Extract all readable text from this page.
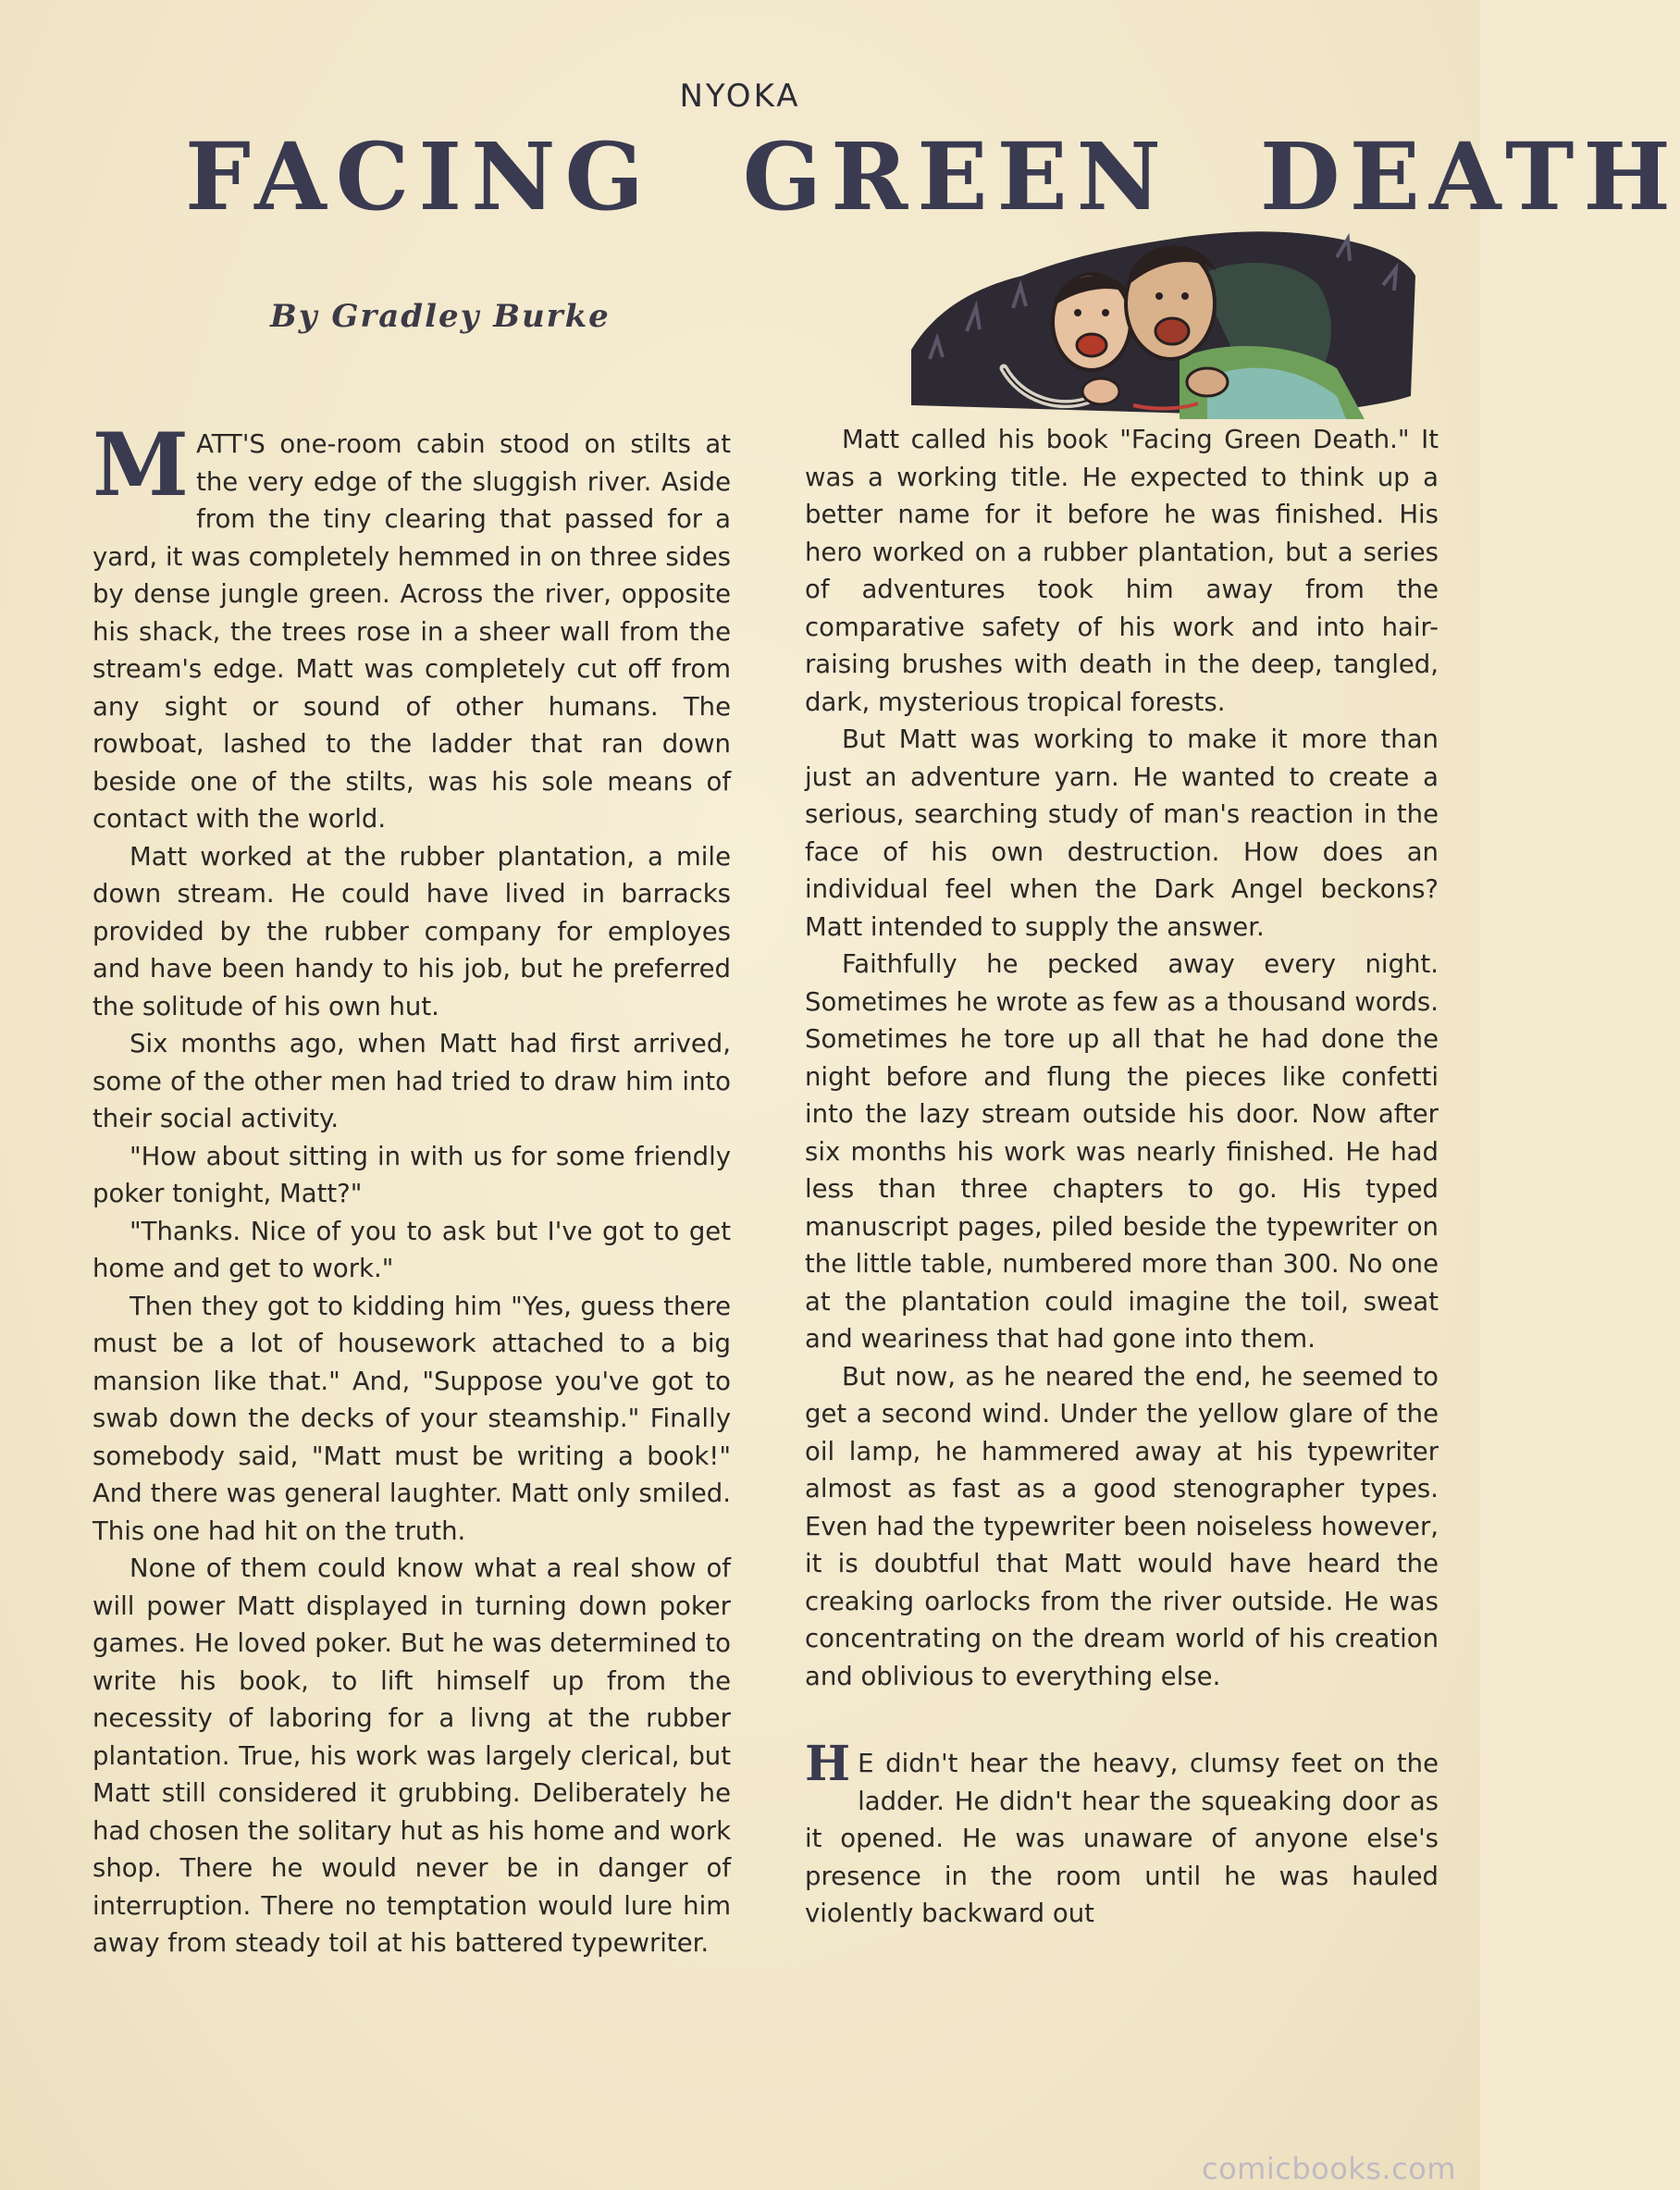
NYOKA
FACING GREEN DEATH
By Gradley Burke

MATT'S one-room cabin stood on stilts at the very edge of the sluggish river. Aside from the tiny clearing that passed for a yard, it was completely hemmed in on three sides by dense jungle green. Across the river, opposite his shack, the trees rose in a sheer wall from the stream's edge. Matt was completely cut off from any sight or sound of other humans. The rowboat, lashed to the ladder that ran down beside one of the stilts, was his sole means of contact with the world.

Matt worked at the rubber plantation, a mile down stream. He could have lived in barracks provided by the rubber company for employes and have been handy to his job, but he preferred the solitude of his own hut.

Six months ago, when Matt had first arrived, some of the other men had tried to draw him into their social activity.

"How about sitting in with us for some friendly poker tonight, Matt?"

"Thanks. Nice of you to ask but I've got to get home and get to work."

Then they got to kidding him "Yes, guess there must be a lot of housework attached to a big mansion like that." And, "Suppose you've got to swab down the decks of your steamship." Finally somebody said, "Matt must be writing a book!" And there was general laughter. Matt only smiled. This one had hit on the truth.

None of them could know what a real show of will power Matt displayed in turning down poker games. He loved poker. But he was determined to write his book, to lift himself up from the necessity of laboring for a livng at the rubber plantation. True, his work was largely clerical, but Matt still considered it grubbing. Deliberately he had chosen the solitary hut as his home and work shop. There he would never be in danger of interruption. There no temptation would lure him away from steady toil at his battered typewriter.

Matt called his book "Facing Green Death." It was a working title. He expected to think up a better name for it before he was finished. His hero worked on a rubber plantation, but a series of adventures took him away from the comparative safety of his work and into hair-raising brushes with death in the deep, tangled, dark, mysterious tropical forests.

But Matt was working to make it more than just an adventure yarn. He wanted to create a serious, searching study of man's reaction in the face of his own destruction. How does an individual feel when the Dark Angel beckons? Matt intended to supply the answer.

Faithfully he pecked away every night. Sometimes he wrote as few as a thousand words. Sometimes he tore up all that he had done the night before and flung the pieces like confetti into the lazy stream outside his door. Now after six months his work was nearly finished. He had less than three chapters to go. His typed manuscript pages, piled beside the typewriter on the little table, numbered more than 300. No one at the plantation could imagine the toil, sweat and weariness that had gone into them.

But now, as he neared the end, he seemed to get a second wind. Under the yellow glare of the oil lamp, he hammered away at his typewriter almost as fast as a good stenographer types. Even had the typewriter been noiseless however, it is doubtful that Matt would have heard the creaking oarlocks from the river outside. He was concentrating on the dream world of his creation and oblivious to everything else.

H E didn't hear the heavy, clumsy feet on the ladder. He didn't hear the squeaking door as it opened. He was unaware of anyone else's presence in the room until he was hauled violently backward out

comicbooks.com
